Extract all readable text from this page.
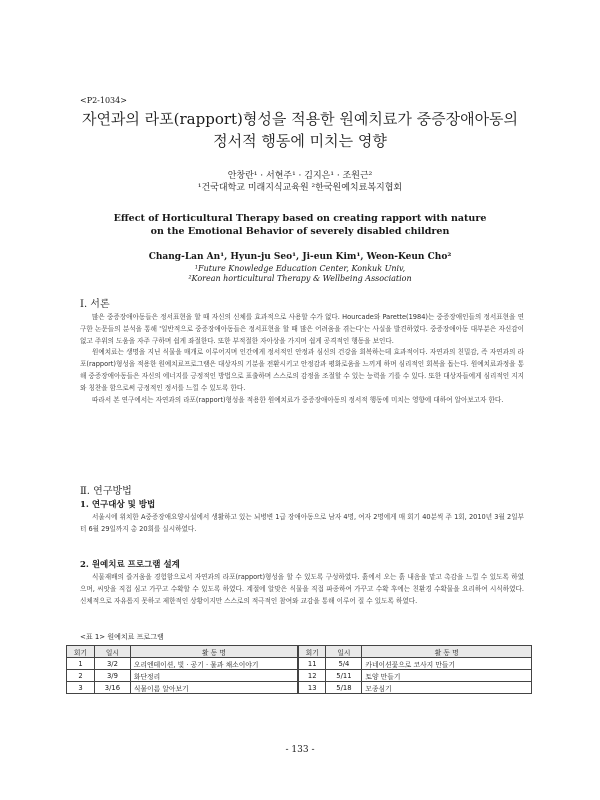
<P2-1034>
자연과의 라포(rapport)형성을 적용한 원예치료가 중증장애아동의
정서적 행동에 미치는 영향
안창란¹ · 서현주¹ · 김지은¹ · 조원근²
¹건국대학교 미래지식교육원 ²한국원예치료복지협회
Effect of Horticultural Therapy based on creating rapport with nature
on the Emotional Behavior of severely disabled children
Chang-Lan An¹, Hyun-ju Seo¹, Ji-eun Kim¹, Weon-Keun Cho²
¹Future Knowledge Education Center, Konkuk Univ,
²Korean horticultural Therapy & Wellbeing Association
Ⅰ. 서론

많은 중증장애아동들은 정서표현을 할 때 자신의 신체를 효과적으로 사용할 수가 없다. Hourcade와 Parette(1984)는 중증장애인들의 정서표현을 연구한 논문들의 분석을 통해 '일반적으로 중증장애아동들은 정서표현을 할 때 많은 어려움을 겪는다'는 사실을 발견하였다. 중증장애아동 대부분은 자신감이 없고 주위의 도움을 자주 구하며 쉽게 좌절한다. 또한 부적절한 자아상을 가지며 쉽게 공격적인 행동을 보인다.

원예치료는 생명을 지닌 식물을 매개로 이루어지며 인간에게 정서적인 안정과 심신의 건강을 회복하는데 효과적이다. 자연과의 친밀감, 즉 자연과의 라포(rapport)형성을 적용한 원예치료프로그램은 대상자의 기분을 전환시키고 안정감과 평화로움을 느끼게 하며 심리적인 회복을 돕는다. 원예치료과정을 통해 중증장애아동들은 자신의 에너지를 긍정적인 방법으로 표출하며 스스로의 감정을 조절할 수 있는 능력을 기를 수 있다. 또한 대상자들에게 심리적인 지지와 칭찬을 함으로써 긍정적인 정서를 느낄 수 있도록 한다.

따라서 본 연구에서는 자연과의 라포(rapport)형성을 적용한 원예치료가 중증장애아동의 정서적 행동에 미치는 영향에 대하여 알아보고자 한다.

Ⅱ. 연구방법
1. 연구대상 및 방법

서울시에 위치한 A중증장애요양시설에서 생활하고 있는 뇌병변 1급 장애아동으로 남자 4명, 여자 2명에게 매 회기 40분씩 주 1회, 2010년 3월 2일부터 6월 29일까지 총 20회를 실시하였다.

2. 원예치료 프로그램 설계

식물재배의 즐거움을 경험함으로서 자연과의 라포(rapport)형성을 할 수 있도록 구성하였다. 흙에서 오는 흙 내음을 맡고 촉감을 느낄 수 있도록 하였으며, 씨앗을 직접 심고 가꾸고 수확할 수 있도록 하였다. 계절에 알맞은 식물을 직접 파종하여 가꾸고 수확 후에는 친환경 수확물을 요리하여 시식하였다. 신체적으로 자유롭지 못하고 제한적인 상황이지만 스스로의 적극적인 참여와 교감을 통해 이루어 질 수 있도록 하였다.

<표 1> 원예치료 프로그램
회기	일시	활 동 명	회기	일시	활 동 명
1	3/2	오리엔테이션, 빛 · 공기 · 물과 채소이야기	11	5/4	카네이션꽃으로 코사지 만들기
2	3/9	화단정리	12	5/11	토양 만들기
3	3/16	식물이름 알아보기	13	5/18	모종심기
- 133 -
